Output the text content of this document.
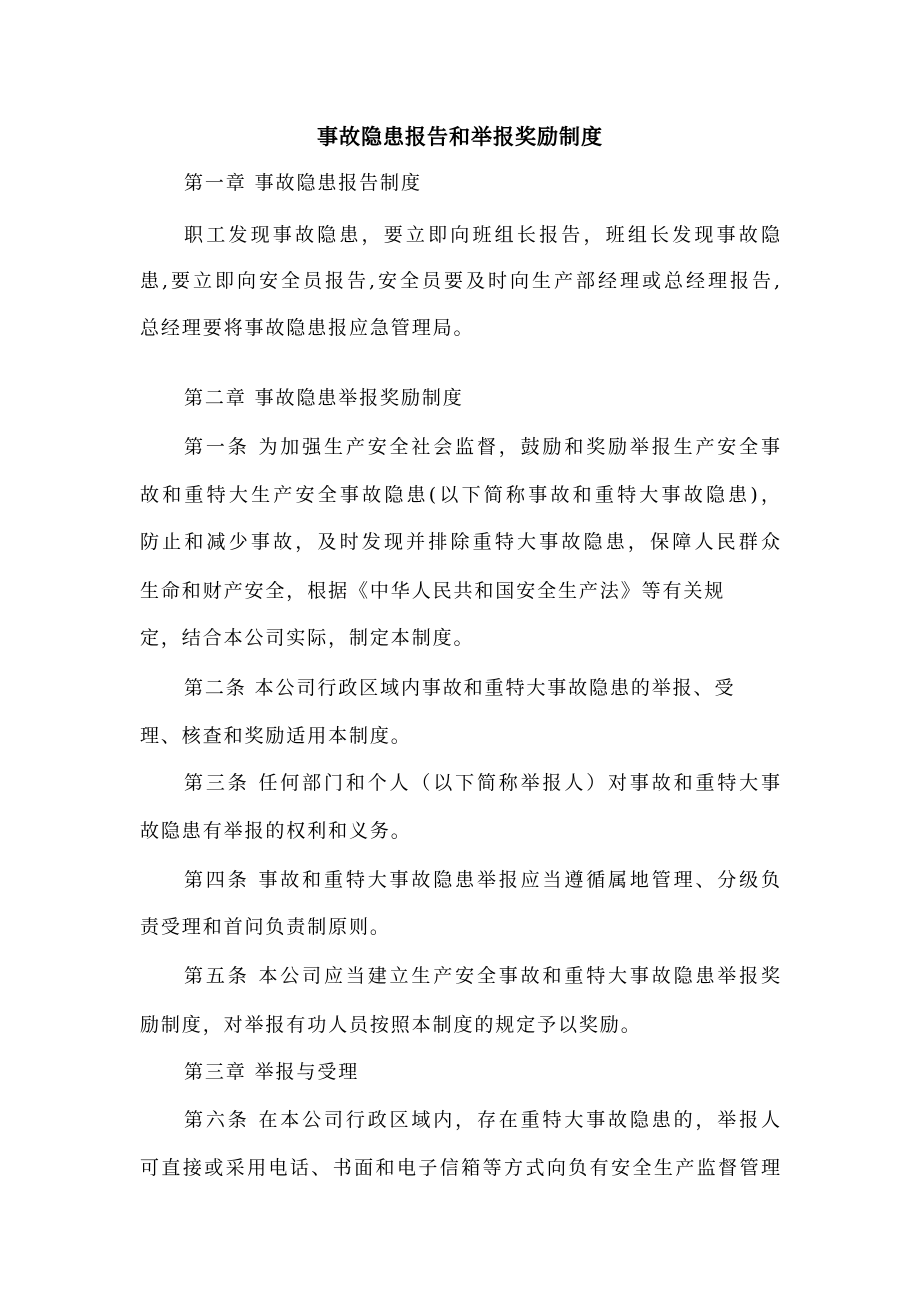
事故隐患报告和举报奖励制度
第一章 事故隐患报告制度
职工发现事故隐患，要立即向班组长报告，班组长发现事故隐
患,要立即向安全员报告,安全员要及时向生产部经理或总经理报告,
总经理要将事故隐患报应急管理局。
第二章 事故隐患举报奖励制度
第一条 为加强生产安全社会监督，鼓励和奖励举报生产安全事
故和重特大生产安全事故隐患(以下简称事故和重特大事故隐患)，
防止和减少事故，及时发现并排除重特大事故隐患，保障人民群众
生命和财产安全，根据《中华人民共和国安全生产法》等有关规
定，结合本公司实际，制定本制度。
第二条 本公司行政区域内事故和重特大事故隐患的举报、受
理、核查和奖励适用本制度。
第三条 任何部门和个人（以下简称举报人）对事故和重特大事
故隐患有举报的权利和义务。
第四条 事故和重特大事故隐患举报应当遵循属地管理、分级负
责受理和首问负责制原则。
第五条 本公司应当建立生产安全事故和重特大事故隐患举报奖
励制度，对举报有功人员按照本制度的规定予以奖励。
第三章 举报与受理
第六条 在本公司行政区域内，存在重特大事故隐患的，举报人
可直接或采用电话、书面和电子信箱等方式向负有安全生产监督管理
